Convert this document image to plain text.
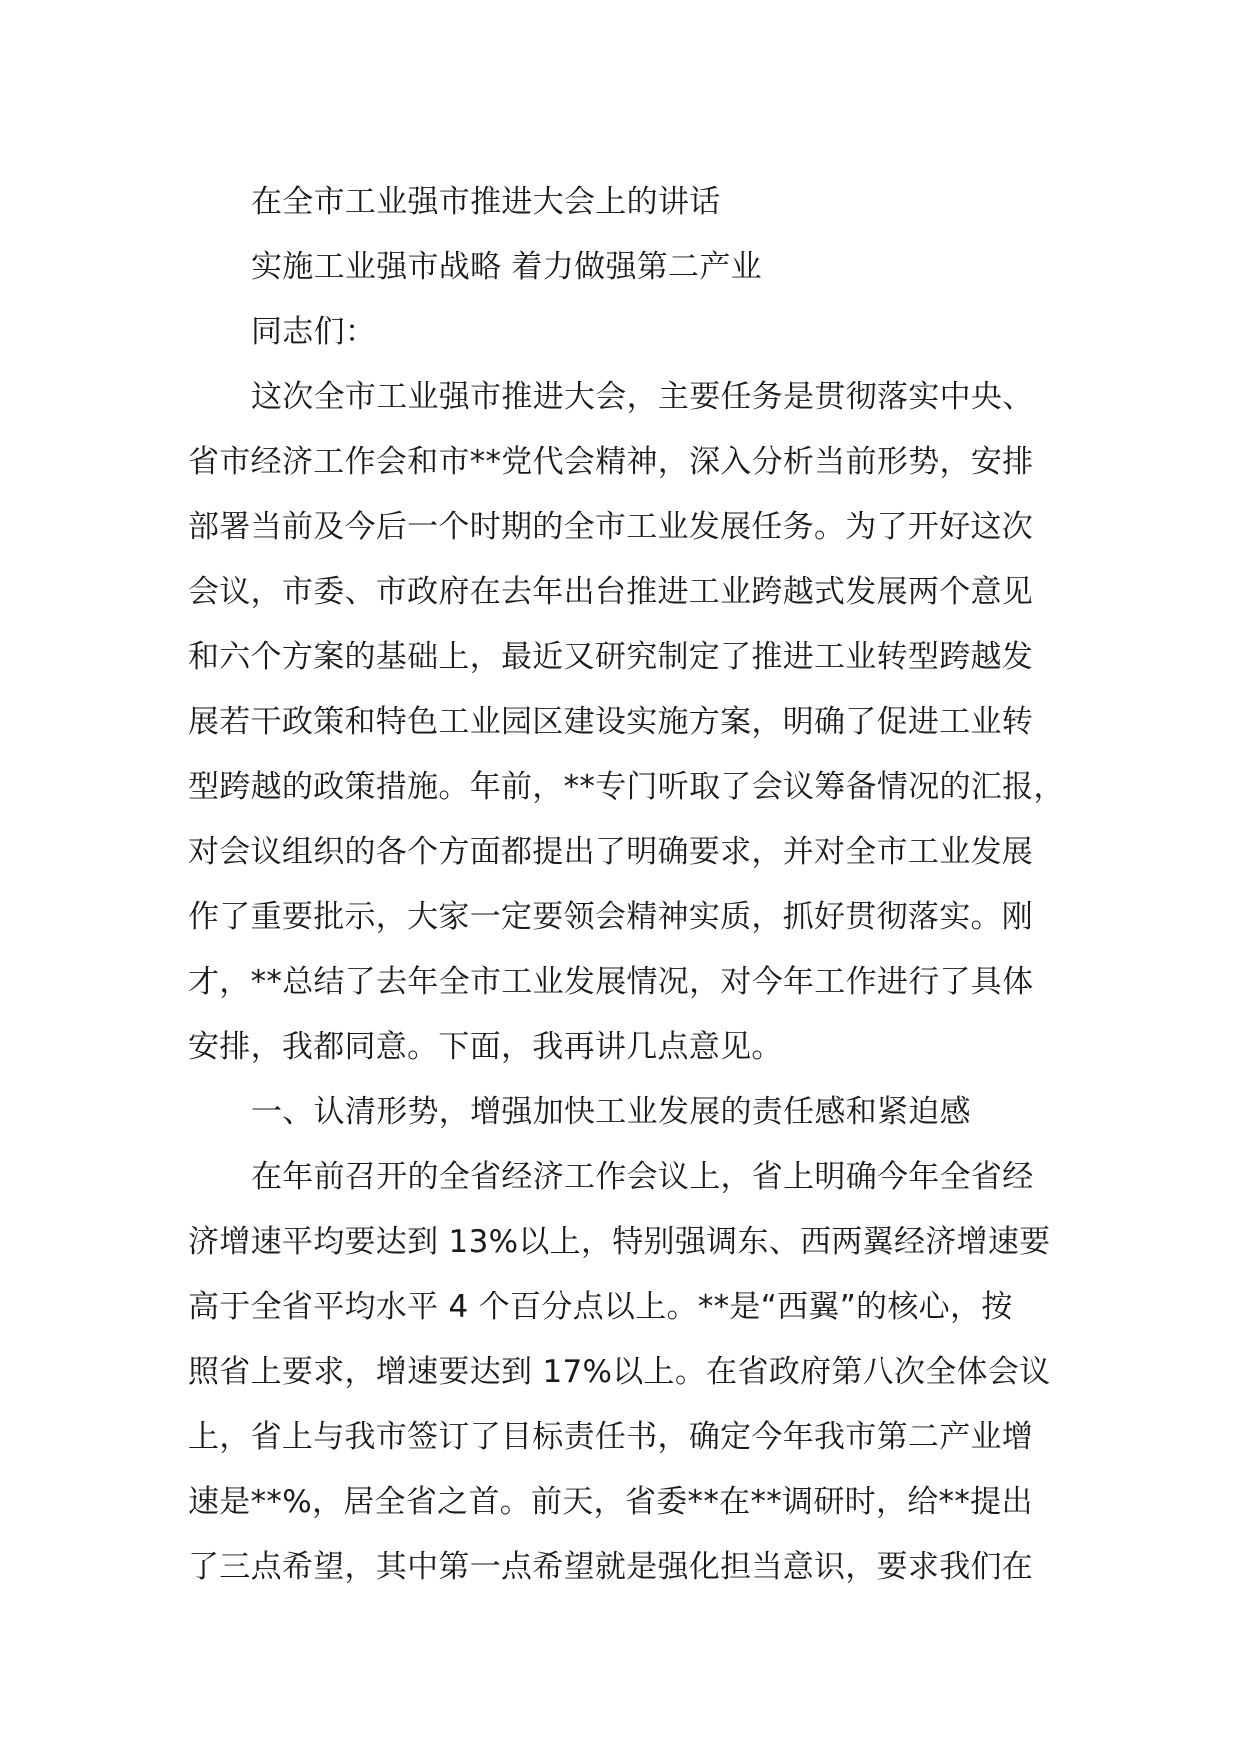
在全市工业强市推进大会上的讲话
实施工业强市战略 着力做强第二产业
同志们：
这次全市工业强市推进大会，主要任务是贯彻落实中央、
省市经济工作会和市**党代会精神，深入分析当前形势，安排
部署当前及今后一个时期的全市工业发展任务。为了开好这次
会议，市委、市政府在去年出台推进工业跨越式发展两个意见
和六个方案的基础上，最近又研究制定了推进工业转型跨越发
展若干政策和特色工业园区建设实施方案，明确了促进工业转
型跨越的政策措施。年前，**专门听取了会议筹备情况的汇报，
对会议组织的各个方面都提出了明确要求，并对全市工业发展
作了重要批示，大家一定要领会精神实质，抓好贯彻落实。刚
才，**总结了去年全市工业发展情况，对今年工作进行了具体
安排，我都同意。下面，我再讲几点意见。
一、认清形势，增强加快工业发展的责任感和紧迫感
在年前召开的全省经济工作会议上，省上明确今年全省经
济增速平均要达到 13%以上，特别强调东、西两翼经济增速要
高于全省平均水平 4 个百分点以上。**是“西翼”的核心，按
照省上要求，增速要达到 17%以上。在省政府第八次全体会议
上，省上与我市签订了目标责任书，确定今年我市第二产业增
速是**%，居全省之首。前天，省委**在**调研时，给**提出
了三点希望，其中第一点希望就是强化担当意识，要求我们在
